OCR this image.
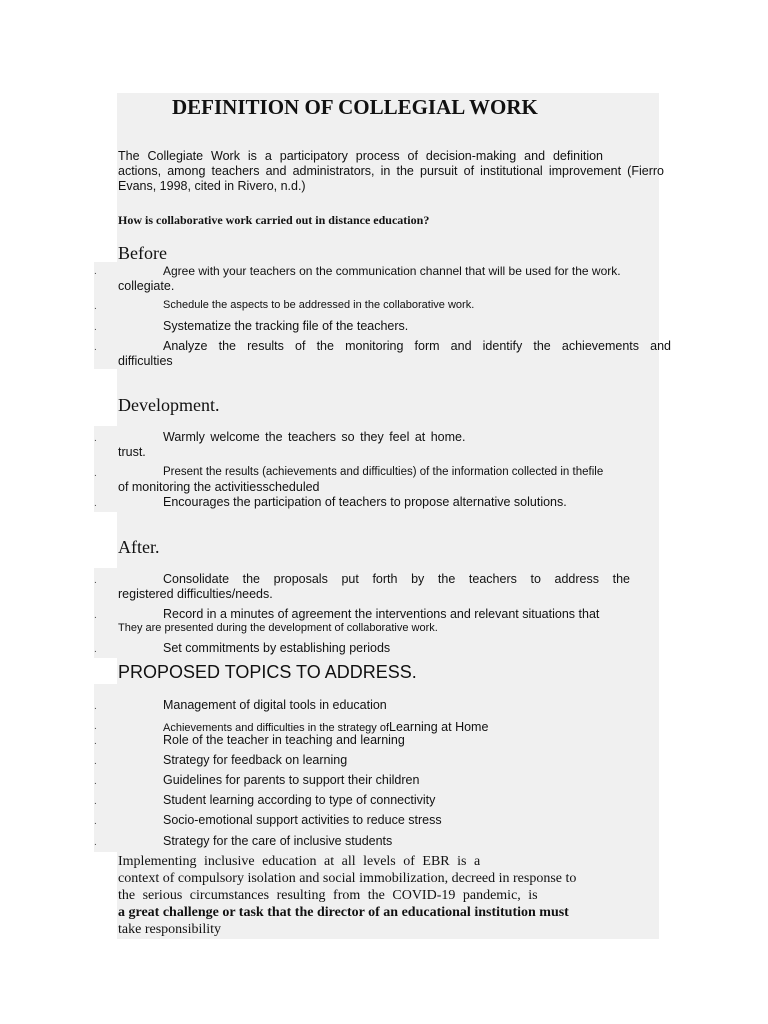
DEFINITION OF COLLEGIAL WORK
The Collegiate Work is a participatory process of decision-making and definition
actions, among teachers and administrators, in the pursuit of institutional improvement (Fierro
Evans, 1998, cited in Rivero, n.d.)
How is collaborative work carried out in distance education?
Before
.	Agree with your teachers on the communication channel that will be used for the work.
collegiate.
.	Schedule the aspects to be addressed in the collaborative work.
.	Systematize the tracking file of the teachers.
.	Analyze the results of the monitoring form and identify the achievements and
difficulties
Development.
.	Warmly welcome the teachers so they feel at home.
trust.
.	Present the results (achievements and difficulties) of the information collected in thefile
of monitoring the activitiesscheduled
.	Encourages the participation of teachers to propose alternative solutions.
After.
.	Consolidate the proposals put forth by the teachers to address the
registered difficulties/needs.
.	Record in a minutes of agreement the interventions and relevant situations that
They are presented during the development of collaborative work.
.	Set commitments by establishing periods
PROPOSED TOPICS TO ADDRESS.
.	Management of digital tools in education
.	Achievements and difficulties in the strategy ofLearning at Home
.	Role of the teacher in teaching and learning
.	Strategy for feedback on learning
.	Guidelines for parents to support their children
.	Student learning according to type of connectivity
.	Socio-emotional support activities to reduce stress
.	Strategy for the care of inclusive students
Implementing inclusive education at all levels of EBR is a
context of compulsory isolation and social immobilization, decreed in response to
the serious circumstances resulting from the COVID-19 pandemic, is
a great challenge or task that the director of an educational institution must
take responsibility
